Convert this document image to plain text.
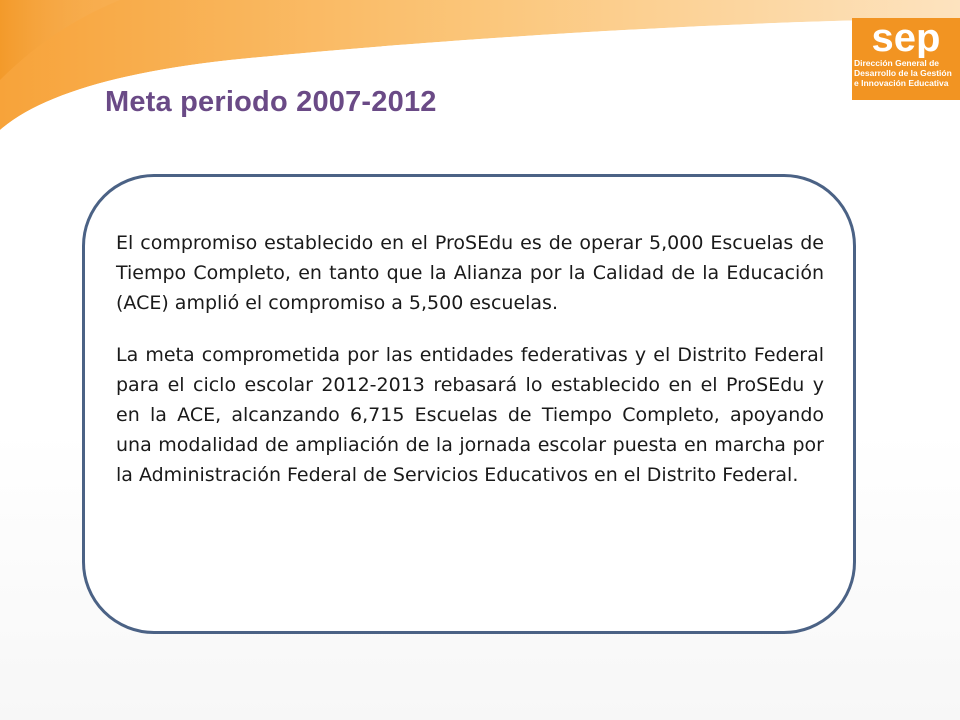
Meta periodo 2007-2012
sep
Dirección General de
Desarrollo de la Gestión
e Innovación Educativa

El compromiso establecido en el ProSEdu es de operar 5,000 Escuelas de Tiempo Completo, en tanto que la Alianza por la Calidad de la Educación (ACE) amplió el compromiso a 5,500 escuelas.

La meta comprometida por las entidades federativas y el Distrito Federal para el ciclo escolar 2012-2013 rebasará lo establecido en el ProSEdu y en la ACE, alcanzando 6,715 Escuelas de Tiempo Completo, apoyando una modalidad de ampliación de la jornada escolar puesta en marcha por la Administración Federal de Servicios Educativos en el Distrito Federal.
